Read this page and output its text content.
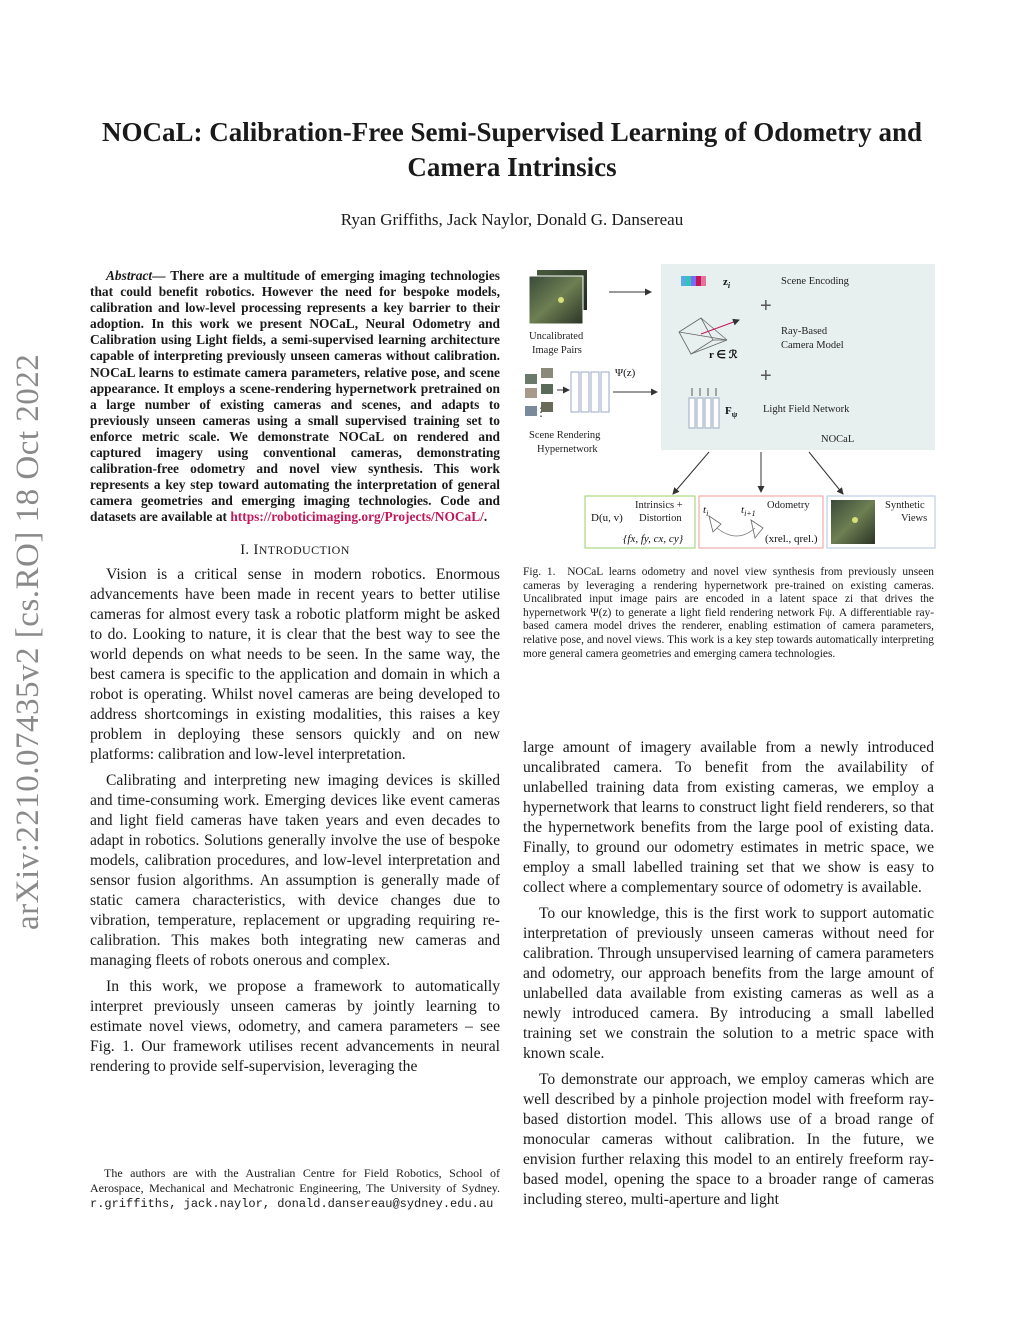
arXiv:2210.07435v2 [cs.RO] 18 Oct 2022
NOCaL: Calibration-Free Semi-Supervised Learning of Odometry and Camera Intrinsics
Ryan Griffiths, Jack Naylor, Donald G. Dansereau

Abstract— There are a multitude of emerging imaging technologies that could benefit robotics. However the need for bespoke models, calibration and low-level processing represents a key barrier to their adoption. In this work we present NOCaL, Neural Odometry and Calibration using Light fields, a semi-supervised learning architecture capable of interpreting previously unseen cameras without calibration. NOCaL learns to estimate camera parameters, relative pose, and scene appearance. It employs a scene-rendering hypernetwork pretrained on a large number of existing cameras and scenes, and adapts to previously unseen cameras using a small supervised training set to enforce metric scale. We demonstrate NOCaL on rendered and captured imagery using conventional cameras, demonstrating calibration-free odometry and novel view synthesis. This work represents a key step toward automating the interpretation of general camera geometries and emerging imaging technologies. Code and datasets are available at https://roboticimaging.org/Projects/NOCaL/.

I. INTRODUCTION

Vision is a critical sense in modern robotics. Enormous advancements have been made in recent years to better utilise cameras for almost every task a robotic platform might be asked to do. Looking to nature, it is clear that the best way to see the world depends on what needs to be seen. In the same way, the best camera is specific to the application and domain in which a robot is operating. Whilst novel cameras are being developed to address shortcomings in existing modalities, this raises a key problem in deploying these sensors quickly and on new platforms: calibration and low-level interpretation.

Calibrating and interpreting new imaging devices is skilled and time-consuming work. Emerging devices like event cameras and light field cameras have taken years and even decades to adapt in robotics. Solutions generally involve the use of bespoke models, calibration procedures, and low-level interpretation and sensor fusion algorithms. An assumption is generally made of static camera characteristics, with device changes due to vibration, temperature, replacement or upgrading requiring re-calibration. This makes both integrating new cameras and managing fleets of robots onerous and complex.

In this work, we propose a framework to automatically interpret previously unseen cameras by jointly learning to estimate novel views, odometry, and camera parameters – see Fig. 1. Our framework utilises recent advancements in neural rendering to provide self-supervision, leveraging the

The authors are with the Australian Centre for Field Robotics, School of Aerospace, Mechanical and Mechatronic Engineering, The University of Sydney. r.griffiths, jack.naylor, donald.dansereau@sydney.edu.au
Uncalibrated
Image Pairs
$z_i$	Scene Encoding
+
+
r ∈ ℛ
Ray-Based
Camera Model
Ψ(z)
Scene Rendering
Hypernetwork
$F_\psi$ Light Field Network
NOCaL
Intrinsics +
Distortion
D(u, v)
{fx, fy, cx, cy}
Odometry
$t_i$	$t_{i+1}$
(xrel., qrel.)
Synthetic
Views
Fig. 1. NOCaL learns odometry and novel view synthesis from previously unseen cameras by leveraging a rendering hypernetwork pre-trained on existing cameras. Uncalibrated input image pairs are encoded in a latent space zi that drives the hypernetwork Ψ(z) to generate a light field rendering network Fψ. A differentiable ray-based camera model drives the renderer, enabling estimation of camera parameters, relative pose, and novel views. This work is a key step towards automatically interpreting more general camera geometries and emerging camera technologies.

large amount of imagery available from a newly introduced uncalibrated camera. To benefit from the availability of unlabelled training data from existing cameras, we employ a hypernetwork that learns to construct light field renderers, so that the hypernetwork benefits from the large pool of existing data. Finally, to ground our odometry estimates in metric space, we employ a small labelled training set that we show is easy to collect where a complementary source of odometry is available.

To our knowledge, this is the first work to support automatic interpretation of previously unseen cameras without need for calibration. Through unsupervised learning of camera parameters and odometry, our approach benefits from the large amount of unlabelled data available from existing cameras as well as a newly introduced camera. By introducing a small labelled training set we constrain the solution to a metric space with known scale.

To demonstrate our approach, we employ cameras which are well described by a pinhole projection model with freeform ray-based distortion model. This allows use of a broad range of monocular cameras without calibration. In the future, we envision further relaxing this model to an entirely freeform ray-based model, opening the space to a broader range of cameras including stereo, multi-aperture and light
